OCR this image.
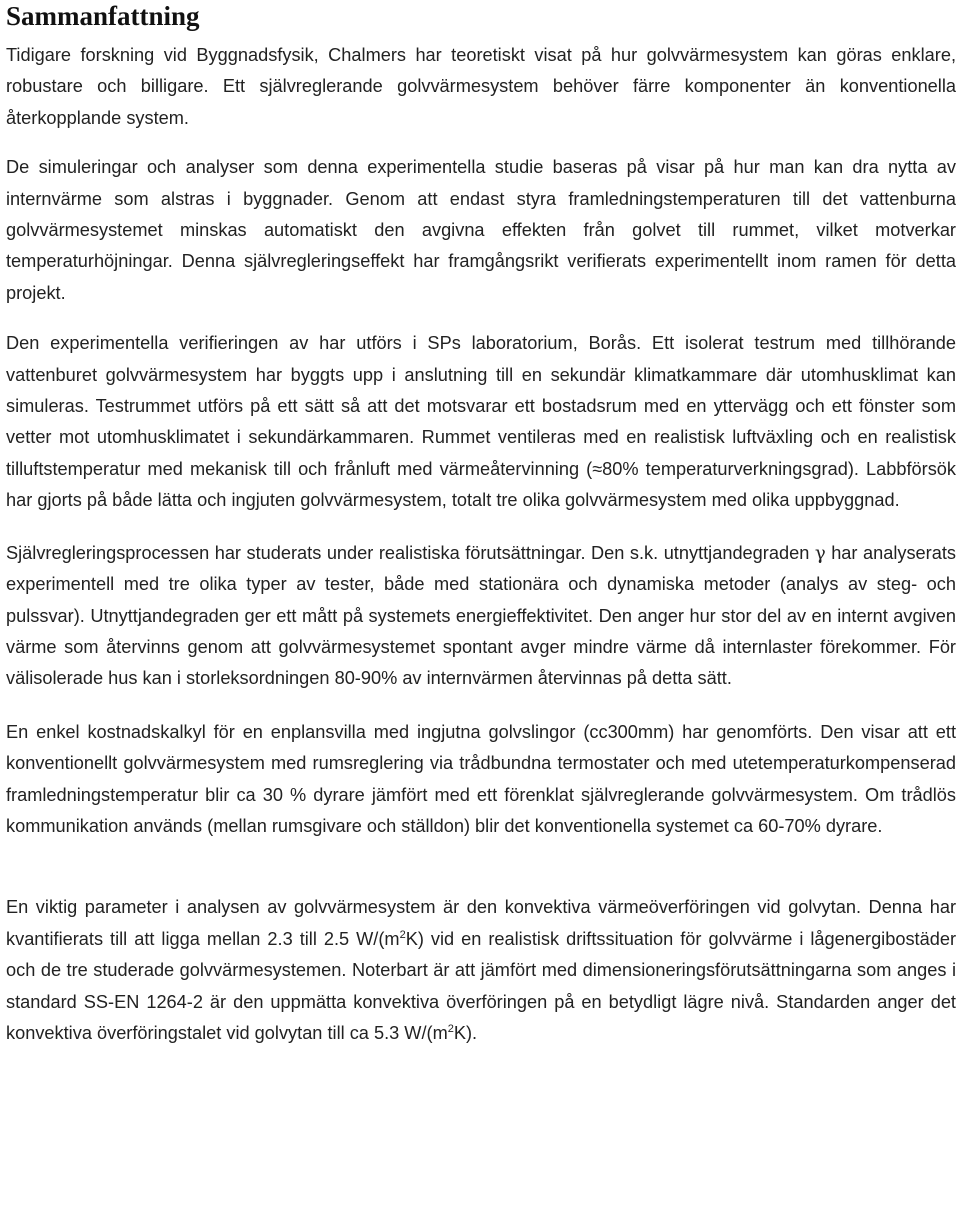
Sammanfattning

Tidigare forskning vid Byggnadsfysik, Chalmers har teoretiskt visat på hur golvvärmesystem kan göras enklare, robustare och billigare. Ett självreglerande golvvärmesystem behöver färre komponenter än konventionella återkopplande system.

De simuleringar och analyser som denna experimentella studie baseras på visar på hur man kan dra nytta av internvärme som alstras i byggnader. Genom att endast styra framledningstemperaturen till det vattenburna golvvärmesystemet minskas automatiskt den avgivna effekten från golvet till rummet, vilket motverkar temperaturhöjningar. Denna självregleringseffekt har framgångsrikt verifierats experimentellt inom ramen för detta projekt.

Den experimentella verifieringen av har utförs i SPs laboratorium, Borås. Ett isolerat testrum med tillhörande vattenburet golvvärmesystem har byggts upp i anslutning till en sekundär klimatkammare där utomhusklimat kan simuleras. Testrummet utförs på ett sätt så att det motsvarar ett bostadsrum med en yttervägg och ett fönster som vetter mot utomhusklimatet i sekundärkammaren. Rummet ventileras med en realistisk luftväxling och en realistisk tilluftstemperatur med mekanisk till och frånluft med värmeåtervinning (≈80% temperaturverkningsgrad). Labbförsök har gjorts på både lätta och ingjuten golvvärmesystem, totalt tre olika golvvärmesystem med olika uppbyggnad.

Självregleringsprocessen har studerats under realistiska förutsättningar. Den s.k. utnyttjandegraden γ har analyserats experimentell med tre olika typer av tester, både med stationära och dynamiska metoder (analys av steg- och pulssvar). Utnyttjandegraden ger ett mått på systemets energieffektivitet. Den anger hur stor del av en internt avgiven värme som återvinns genom att golvvärmesystemet spontant avger mindre värme då internlaster förekommer. För välisolerade hus kan i storleksordningen 80-90% av internvärmen återvinnas på detta sätt.

En enkel kostnadskalkyl för en enplansvilla med ingjutna golvslingor (cc300mm) har genomförts. Den visar att ett konventionellt golvvärmesystem med rumsreglering via trådbundna termostater och med utetemperaturkompenserad framledningstemperatur blir ca 30 % dyrare jämfört med ett förenklat självreglerande golvvärmesystem. Om trådlös kommunikation används (mellan rumsgivare och ställdon) blir det konventionella systemet ca 60-70% dyrare.

En viktig parameter i analysen av golvvärmesystem är den konvektiva värmeöverföringen vid golvytan. Denna har kvantifierats till att ligga mellan 2.3 till 2.5 $W/(m^2K)$ vid en realistisk driftssituation för golvvärme i lågenergibostäder och de tre studerade golvvärmesystemen. Noterbart är att jämfört med dimensioneringsförutsättningarna som anges i standard SS-EN 1264-2 är den uppmätta konvektiva överföringen på en betydligt lägre nivå. Standarden anger det konvektiva överföringstalet vid golvytan till ca 5.3 $W/(m^2K)$.
